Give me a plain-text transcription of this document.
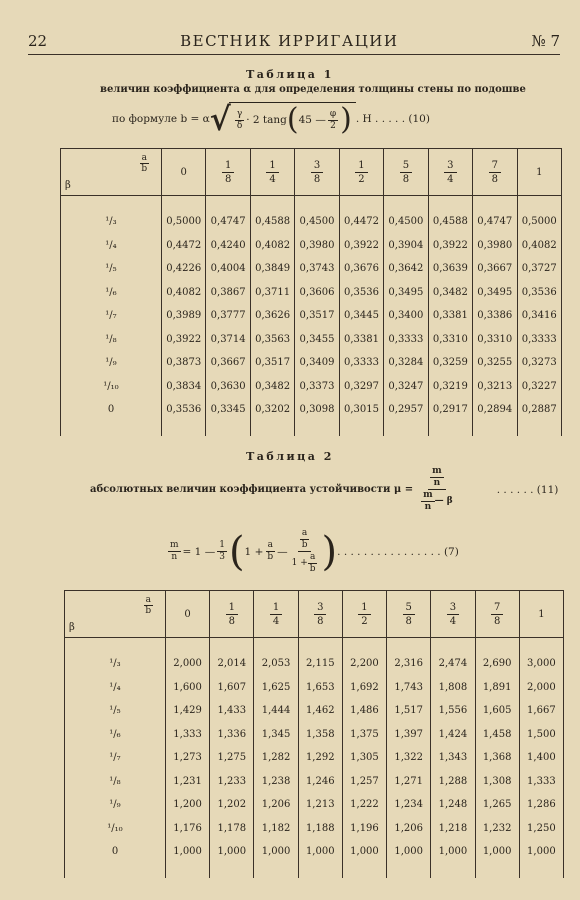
22	ВЕСТНИК ИРРИГАЦИИ	№ 7
Таблица 1
величин коэффициента α для определения толщины стены по подошве
по формуле b = α √ $\frac{\gamma}{\delta} \cdot 2$ tang ( 45 — $\frac{\varphi}{2}$ ) . H . . . . . (10)
a
b
β	0	$\frac{1}{8}$	$\frac{1}{4}$	$\frac{3}{8}$	$\frac{1}{2}$	$\frac{5}{8}$	$\frac{3}{4}$	$\frac{7}{8}$	1

¹/₃	0,5000	0,4747	0,4588	0,4500	0,4472	0,4500	0,4588	0,4747	0,5000
¹/₄	0,4472	0,4240	0,4082	0,3980	0,3922	0,3904	0,3922	0,3980	0,4082
¹/₅	0,4226	0,4004	0,3849	0,3743	0,3676	0,3642	0,3639	0,3667	0,3727
¹/₆	0,4082	0,3867	0,3711	0,3606	0,3536	0,3495	0,3482	0,3495	0,3536
¹/₇	0,3989	0,3777	0,3626	0,3517	0,3445	0,3400	0,3381	0,3386	0,3416
¹/₈	0,3922	0,3714	0,3563	0,3455	0,3381	0,3333	0,3310	0,3310	0,3333
¹/₉	0,3873	0,3667	0,3517	0,3409	0,3333	0,3284	0,3259	0,3255	0,3273
¹/₁₀	0,3834	0,3630	0,3482	0,3373	0,3297	0,3247	0,3219	0,3213	0,3227
0	0,3536	0,3345	0,3202	0,3098	0,3015	0,2957	0,2917	0,2894	0,2887

Таблица 2
абсолютных величин коэффициента устойчивости $\mu = \frac{\frac{m}{n}}{\frac{m}{n} — \beta}$	. . . . . . (11)
$\frac{m}{n} = 1$ — $\frac{1}{3}$ ( $1 + \frac{a}{b}$ — $\frac{\frac{a}{b}}{1 + \frac{a}{b}}$ ) . . . . . . . . . . . . . . . . (7)
a
b
β	0	$\frac{1}{8}$	$\frac{1}{4}$	$\frac{3}{8}$	$\frac{1}{2}$	$\frac{5}{8}$	$\frac{3}{4}$	$\frac{7}{8}$	1

¹/₃	2,000	2,014	2,053	2,115	2,200	2,316	2,474	2,690	3,000
¹/₄	1,600	1,607	1,625	1,653	1,692	1,743	1,808	1,891	2,000
¹/₅	1,429	1,433	1,444	1,462	1,486	1,517	1,556	1,605	1,667
¹/₆	1,333	1,336	1,345	1,358	1,375	1,397	1,424	1,458	1,500
¹/₇	1,273	1,275	1,282	1,292	1,305	1,322	1,343	1,368	1,400
¹/₈	1,231	1,233	1,238	1,246	1,257	1,271	1,288	1,308	1,333
¹/₉	1,200	1,202	1,206	1,213	1,222	1,234	1,248	1,265	1,286
¹/₁₀	1,176	1,178	1,182	1,188	1,196	1,206	1,218	1,232	1,250
0	1,000	1,000	1,000	1,000	1,000	1,000	1,000	1,000	1,000
